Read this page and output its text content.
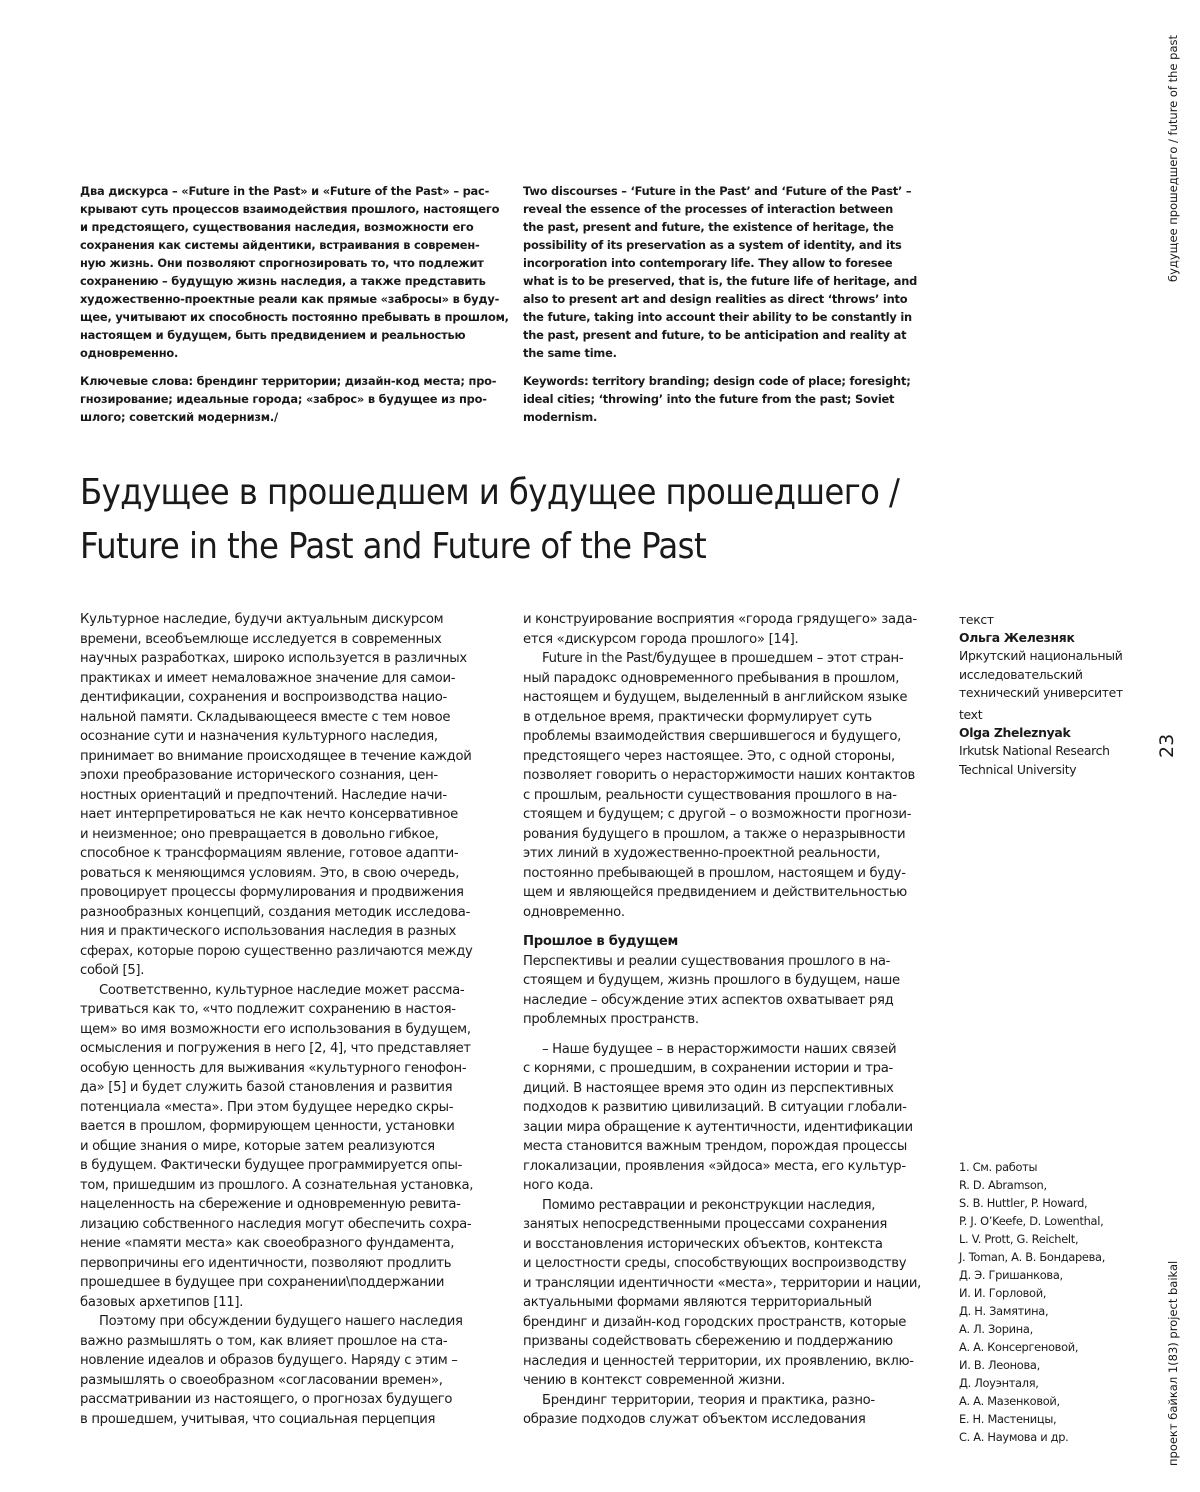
будущее прошедшего / future of the past
23
проект байкал 1(83) project baikal

Два дискурса – «Future in the Past» и «Future of the Past» – рас-
крывают суть процессов взаимодействия прошлого, настоящего
и предстоящего, существования наследия, возможности его
сохранения как системы айдентики, встраивания в современ-
ную жизнь. Они позволяют спрогнозировать то, что подлежит
сохранению – будущую жизнь наследия, а также представить
художественно-проектные реали как прямые «забросы» в буду-
щее, учитывают их способность постоянно пребывать в прошлом,
настоящем и будущем, быть предвидением и реальностью
одновременно.

Ключевые слова: брендинг территории; дизайн-код места; про-
гнозирование; идеальные города; «заброс» в будущее из про-
шлого; советский модернизм./

Two discourses – ‘Future in the Past’ and ‘Future of the Past’ –
reveal the essence of the processes of interaction between
the past, present and future, the existence of heritage, the
possibility of its preservation as a system of identity, and its
incorporation into contemporary life. They allow to foresee
what is to be preserved, that is, the future life of heritage, and
also to present art and design realities as direct ‘throws’ into
the future, taking into account their ability to be constantly in
the past, present and future, to be anticipation and reality at
the same time.

Keywords: territory branding; design code of place; foresight;
ideal cities; ‘throwing’ into the future from the past; Soviet
modernism.

Будущее в прошедшем и будущее прошедшего /
Future in the Past and Future of the Past

Культурное наследие, будучи актуальным дискурсом
времени, всеобъемлюще исследуется в современных
научных разработках, широко используется в различных
практиках и имеет немаловажное значение для самои-
дентификации, сохранения и воспроизводства нацио-
нальной памяти. Складывающееся вместе с тем новое
осознание сути и назначения культурного наследия,
принимает во внимание происходящее в течение каждой
эпохи преобразование исторического сознания, цен-
ностных ориентаций и предпочтений. Наследие начи-
нает интерпретироваться не как нечто консервативное
и неизменное; оно превращается в довольно гибкое,
способное к трансформациям явление, готовое адапти-
роваться к меняющимся условиям. Это, в свою очередь,
провоцирует процессы формулирования и продвижения
разнообразных концепций, создания методик исследова-
ния и практического использования наследия в разных
сферах, которые порою существенно различаются между
собой [5].

Соответственно, культурное наследие может рассма-
триваться как то, «что подлежит сохранению в настоя-
щем» во имя возможности его использования в будущем,
осмысления и погружения в него [2, 4], что представляет
особую ценность для выживания «культурного генофон-
да» [5] и будет служить базой становления и развития
потенциала «места». При этом будущее нередко скры-
вается в прошлом, формирующем ценности, установки
и общие знания о мире, которые затем реализуются
в будущем. Фактически будущее программируется опы-
том, пришедшим из прошлого. А сознательная установка,
нацеленность на сбережение и одновременную ревита-
лизацию собственного наследия могут обеспечить сохра-
нение «памяти места» как своеобразного фундамента,
первопричины его идентичности, позволяют продлить
прошедшее в будущее при сохранении\поддержании
базовых архетипов [11].

Поэтому при обсуждении будущего нашего наследия
важно размышлять о том, как влияет прошлое на ста-
новление идеалов и образов будущего. Наряду с этим –
размышлять о своеобразном «согласовании времен»,
рассматривании из настоящего, о прогнозах будущего
в прошедшем, учитывая, что социальная перцепция

и конструирование восприятия «города грядущего» зада-
ется «дискурсом города прошлого» [14].

Future in the Past/будущее в прошедшем – этот стран-
ный парадокс одновременного пребывания в прошлом,
настоящем и будущем, выделенный в английском языке
в отдельное время, практически формулирует суть
проблемы взаимодействия свершившегося и будущего,
предстоящего через настоящее. Это, с одной стороны,
позволяет говорить о нерасторжимости наших контактов
с прошлым, реальности существования прошлого в на-
стоящем и будущем; с другой – о возможности прогнози-
рования будущего в прошлом, а также о неразрывности
этих линий в художественно-проектной реальности,
постоянно пребывающей в прошлом, настоящем и буду-
щем и являющейся предвидением и действительностью
одновременно.

Прошлое в будущем

Перспективы и реалии существования прошлого в на-
стоящем и будущем, жизнь прошлого в будущем, наше
наследие – обсуждение этих аспектов охватывает ряд
проблемных пространств.

– Наше будущее – в нерасторжимости наших связей
с корнями, с прошедшим, в сохранении истории и тра-
диций. В настоящее время это один из перспективных
подходов к развитию цивилизаций. В ситуации глобали-
зации мира обращение к аутентичности, идентификации
места становится важным трендом, порождая процессы
глокализации, проявления «эйдоса» места, его культур-
ного кода.

Помимо реставрации и реконструкции наследия,
занятых непосредственными процессами сохранения
и восстановления исторических объектов, контекста
и целостности среды, способствующих воспроизводству
и трансляции идентичности «места», территории и нации,
актуальными формами являются территориальный
брендинг и дизайн-код городских пространств, которые
призваны содействовать сбережению и поддержанию
наследия и ценностей территории, их проявлению, вклю-
чению в контекст современной жизни.

Брендинг территории, теория и практика, разно-
образие подходов служат объектом исследования

текст
Ольга Железняк
Иркутский национальный
исследовательский
технический университет
text
Olga Zheleznyak
Irkutsk National Research
Technical University
1. См. работы
R. D. Abramson,
S. B. Huttler, P. Howard,
P. J. O’Keefe, D. Lowenthal,
L. V. Prott, G. Reichelt,
J. Toman, А. В. Бондарева,
Д. Э. Гришанкова,
И. И. Горловой,
Д. Н. Замятина,
А. Л. Зорина,
А. А. Консергеновой,
И. В. Леонова,
Д. Лоуэнталя,
А. А. Мазенковой,
Е. Н. Мастеницы,
С. А. Наумова и др.
